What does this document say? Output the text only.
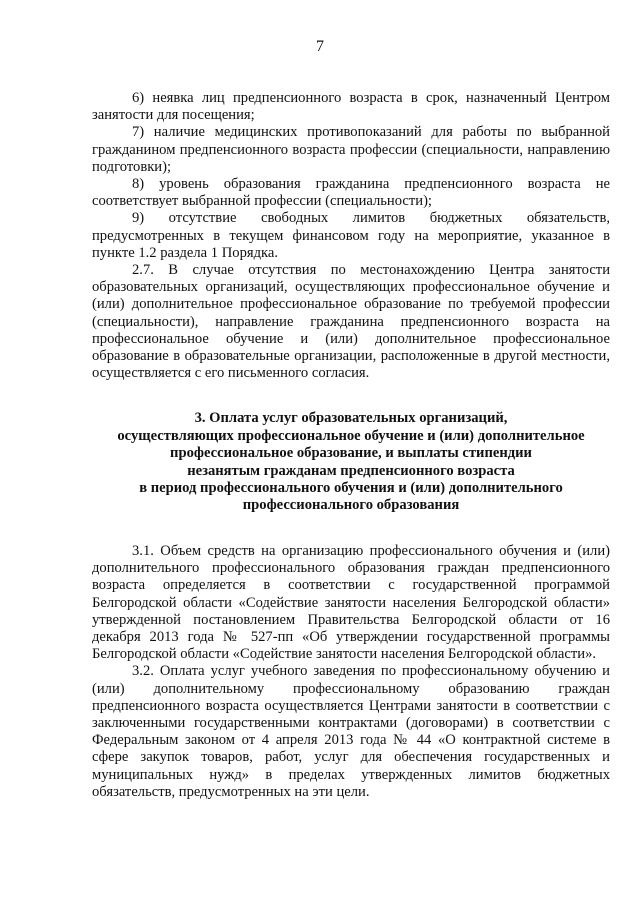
7

6) неявка лиц предпенсионного возраста в срок, назначенный Центром занятости для посещения;

7) наличие медицинских противопоказаний для работы по выбранной гражданином предпенсионного возраста профессии (специальности, направлению подготовки);

8) уровень образования гражданина предпенсионного возраста не соответствует выбранной профессии (специальности);

9) отсутствие свободных лимитов бюджетных обязательств, предусмотренных в текущем финансовом году на мероприятие, указанное в пункте 1.2 раздела 1 Порядка.

2.7. В случае отсутствия по местонахождению Центра занятости образовательных организаций, осуществляющих профессиональное обучение и (или) дополнительное профессиональное образование по требуемой профессии (специальности), направление гражданина предпенсионного возраста на профессиональное обучение и (или) дополнительное профессиональное образование в образовательные организации, расположенные в другой местности, осуществляется с его письменного согласия.

3. Оплата услуг образовательных организаций,
осуществляющих профессиональное обучение и (или) дополнительное
профессиональное образование, и выплаты стипендии
незанятым гражданам предпенсионного возраста
в период профессионального обучения и (или) дополнительного
профессионального образования

3.1. Объем средств на организацию профессионального обучения и (или) дополнительного профессионального образования граждан предпенсионного возраста определяется в соответствии с государственной программой Белгородской области «Содействие занятости населения Белгородской области» утвержденной постановлением Правительства Белгородской области от 16 декабря 2013 года № 527-пп «Об утверждении государственной программы Белгородской области «Содействие занятости населения Белгородской области».

3.2. Оплата услуг учебного заведения по профессиональному обучению и (или) дополнительному профессиональному образованию граждан предпенсионного возраста осуществляется Центрами занятости в соответствии с заключенными государственными контрактами (договорами) в соответствии с Федеральным законом от 4 апреля 2013 года № 44 «О контрактной системе в сфере закупок товаров, работ, услуг для обеспечения государственных и муниципальных нужд» в пределах утвержденных лимитов бюджетных обязательств, предусмотренных на эти цели.
